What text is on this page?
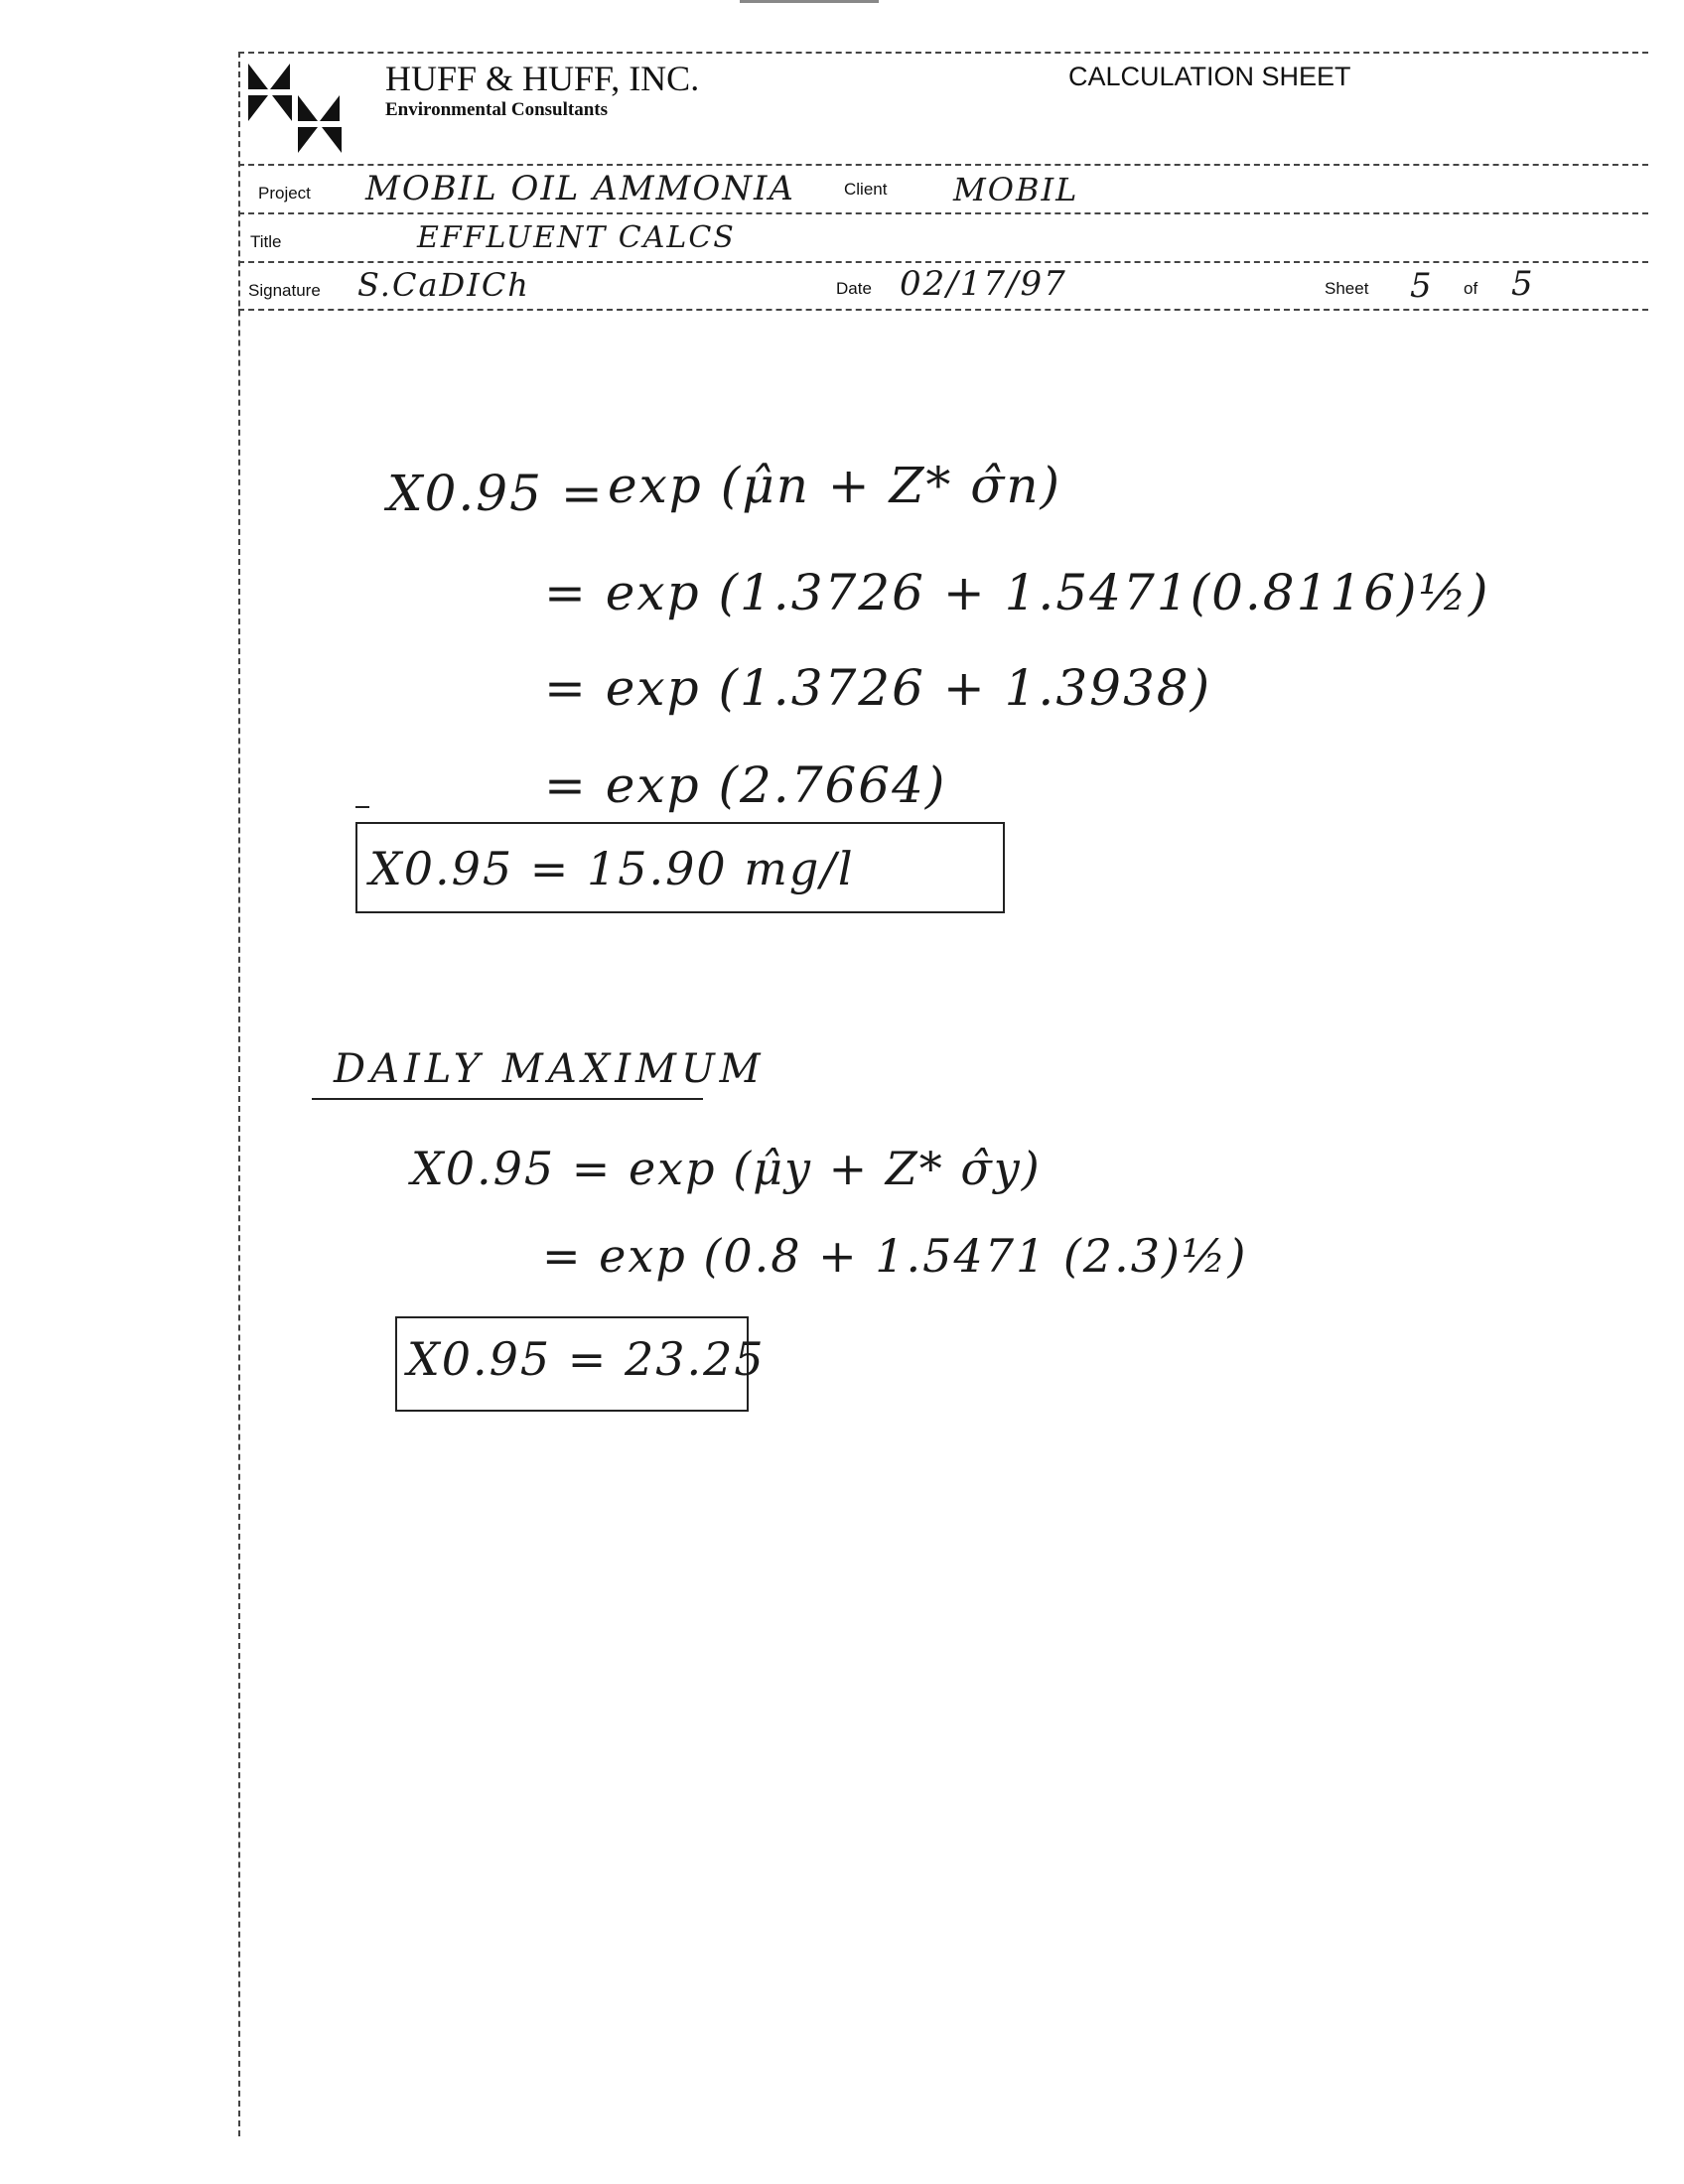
HUFF & HUFF, INC.
Environmental Consultants
CALCULATION SHEET
Project MOBIL OIL AMMONIA	Client MOBIL
Title	EFFLUENT CALCS
Signature S.CaDICh	Date 02/17/97	Sheet 5 of 5
X0.95 = exp (μ̂n + Z* σ̂n)
= exp (1.3726 + 1.5471(0.8116)½)
= exp (1.3726 + 1.3938)
= exp (2.7664)
X0.95 = 15.90 mg/l
DAILY MAXIMUM
X0.95 = exp (μ̂y + Z* σ̂y)
= exp (0.8 + 1.5471 (2.3)½)
X0.95 = 23.25
